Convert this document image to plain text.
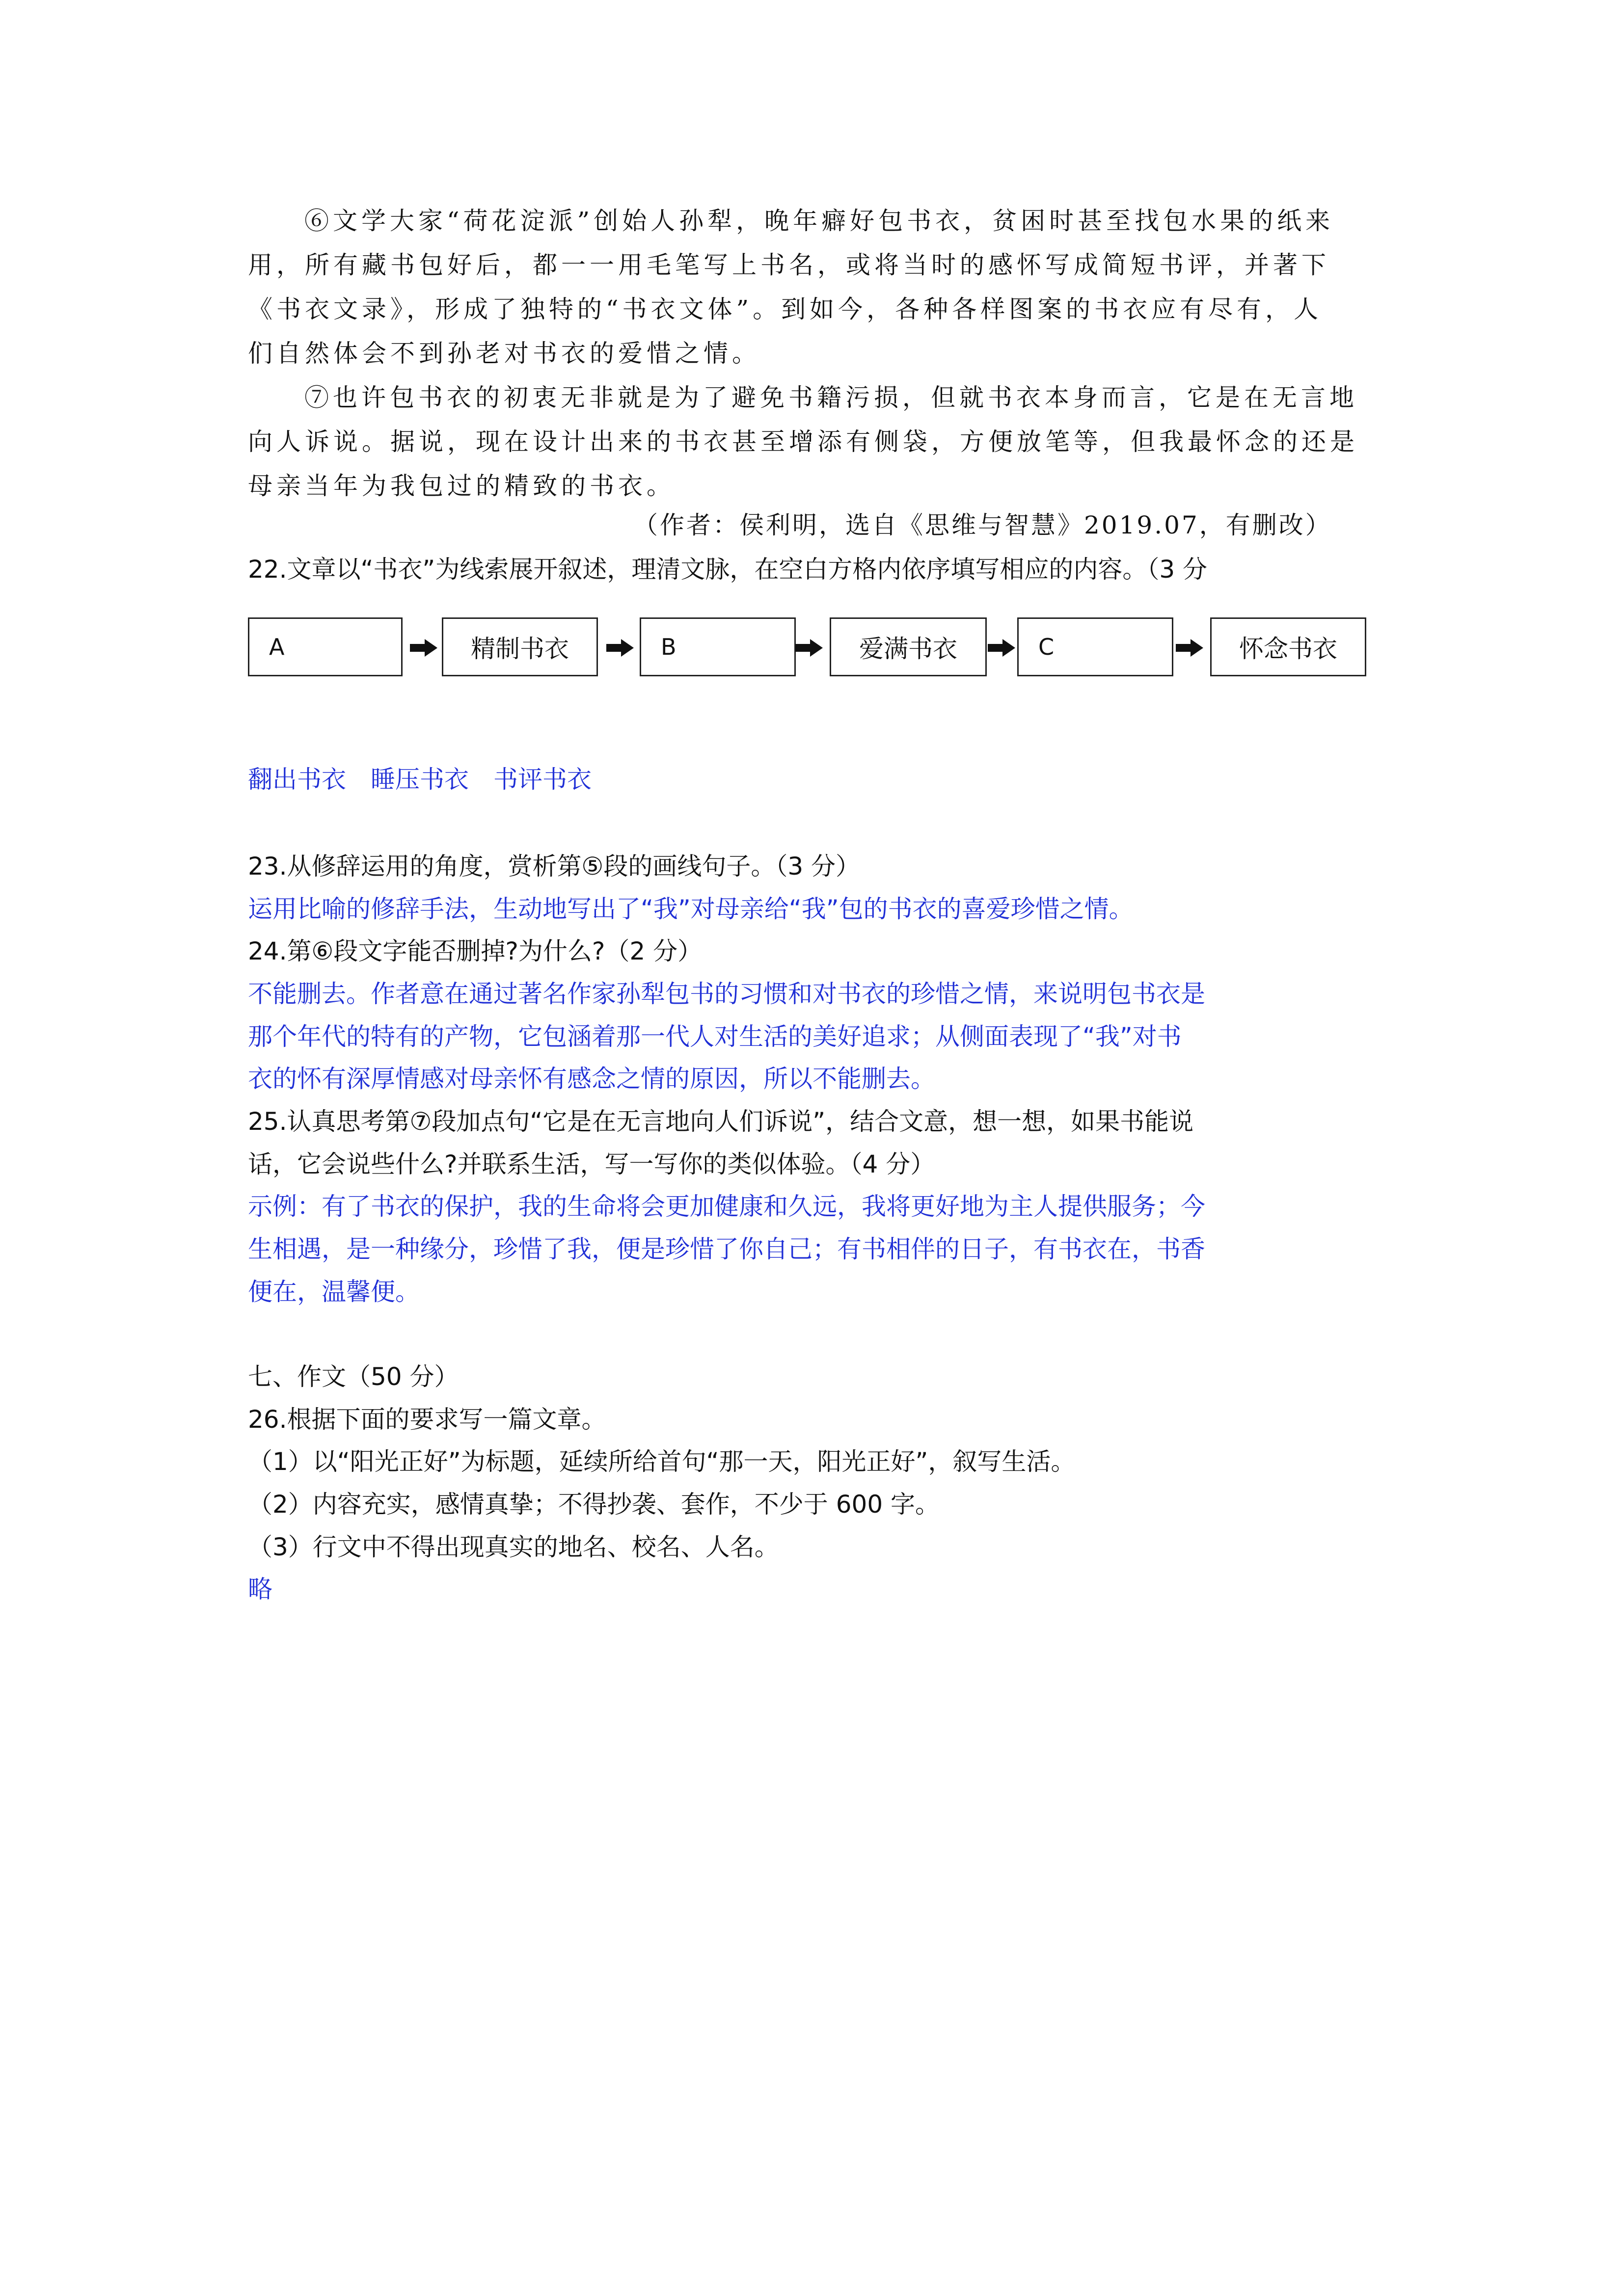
⑥文学大家“荷花淀派”创始人孙犁，晚年癖好包书衣，贫困时甚至找包水果的纸来
用，所有藏书包好后，都一一用毛笔写上书名，或将当时的感怀写成简短书评，并著下
《书衣文录》，形成了独特的“书衣文体”。到如今，各种各样图案的书衣应有尽有，人
们自然体会不到孙老对书衣的爱惜之情。
⑦也许包书衣的初衷无非就是为了避免书籍污损，但就书衣本身而言，它是在无言地
向人诉说。据说，现在设计出来的书衣甚至增添有侧袋，方便放笔等，但我最怀念的还是
母亲当年为我包过的精致的书衣。
（作者：侯利明，选自《思维与智慧》2019.07，有删改）
22.文章以“书衣”为线索展开叙述，理清文脉，在空白方格内依序填写相应的内容。（3 分
A	精制书衣	B	爱满书衣	C	怀念书衣
翻出书衣　睡压书衣　书评书衣
23.从修辞运用的角度，赏析第⑤段的画线句子。（3 分）
运用比喻的修辞手法，生动地写出了“我”对母亲给“我”包的书衣的喜爱珍惜之情。
24.第⑥段文字能否删掉?为什么?（2 分）
不能删去。作者意在通过著名作家孙犁包书的习惯和对书衣的珍惜之情，来说明包书衣是
那个年代的特有的产物，它包涵着那一代人对生活的美好追求；从侧面表现了“我”对书
衣的怀有深厚情感对母亲怀有感念之情的原因，所以不能删去。
25.认真思考第⑦段加点句“它是在无言地向人们诉说”，结合文意，想一想，如果书能说
话，它会说些什么?并联系生活，写一写你的类似体验。（4 分）
示例：有了书衣的保护，我的生命将会更加健康和久远，我将更好地为主人提供服务；今
生相遇，是一种缘分，珍惜了我，便是珍惜了你自己；有书相伴的日子，有书衣在，书香
便在，温馨便。
七、作文（50 分）
26.根据下面的要求写一篇文章。
（1）以“阳光正好”为标题，延续所给首句“那一天，阳光正好”，叙写生活。
（2）内容充实，感情真挚；不得抄袭、套作，不少于 600 字。
（3）行文中不得出现真实的地名、校名、人名。
略
